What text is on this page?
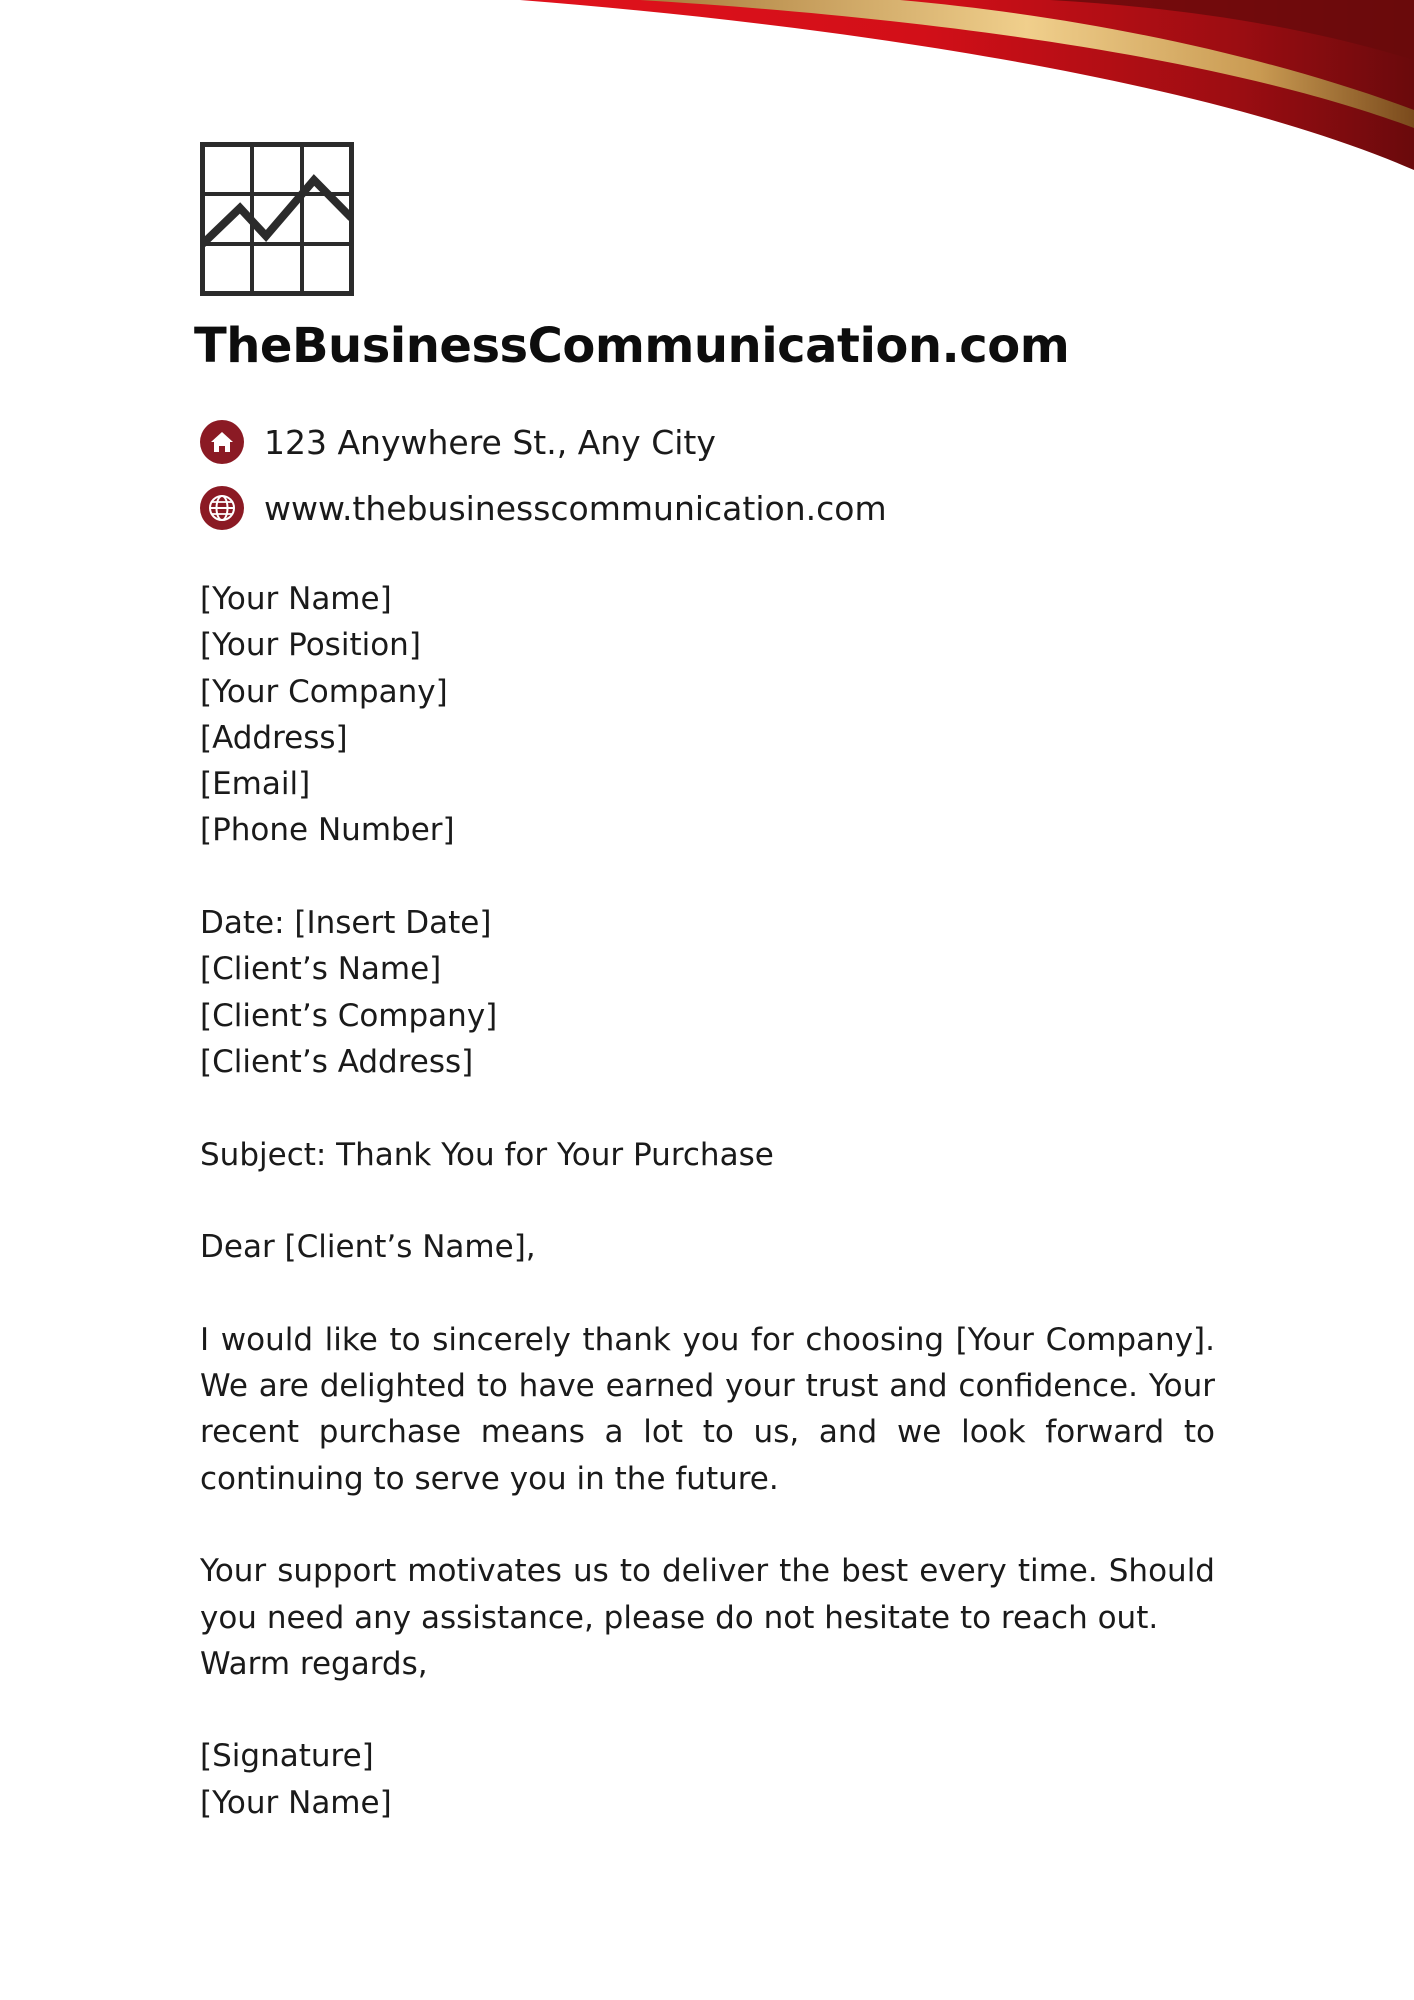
TheBusinessCommunication.com
123 Anywhere St., Any City
www.thebusinesscommunication.com
[Your Name]
[Your Position]
[Your Company]
[Address]
[Email]
[Phone Number]
Date: [Insert Date]
[Client’s Name]
[Client’s Company]
[Client’s Address]
Subject: Thank You for Your Purchase
Dear [Client’s Name],
I would like to sincerely thank you for choosing [Your Company]. We are delighted to have earned your trust and confidence. Your recent purchase means a lot to us, and we look forward to continuing to serve you in the future.
Your support motivates us to deliver the best every time. Should you need any assistance, please do not hesitate to reach out.
Warm regards,
[Signature]
[Your Name]
